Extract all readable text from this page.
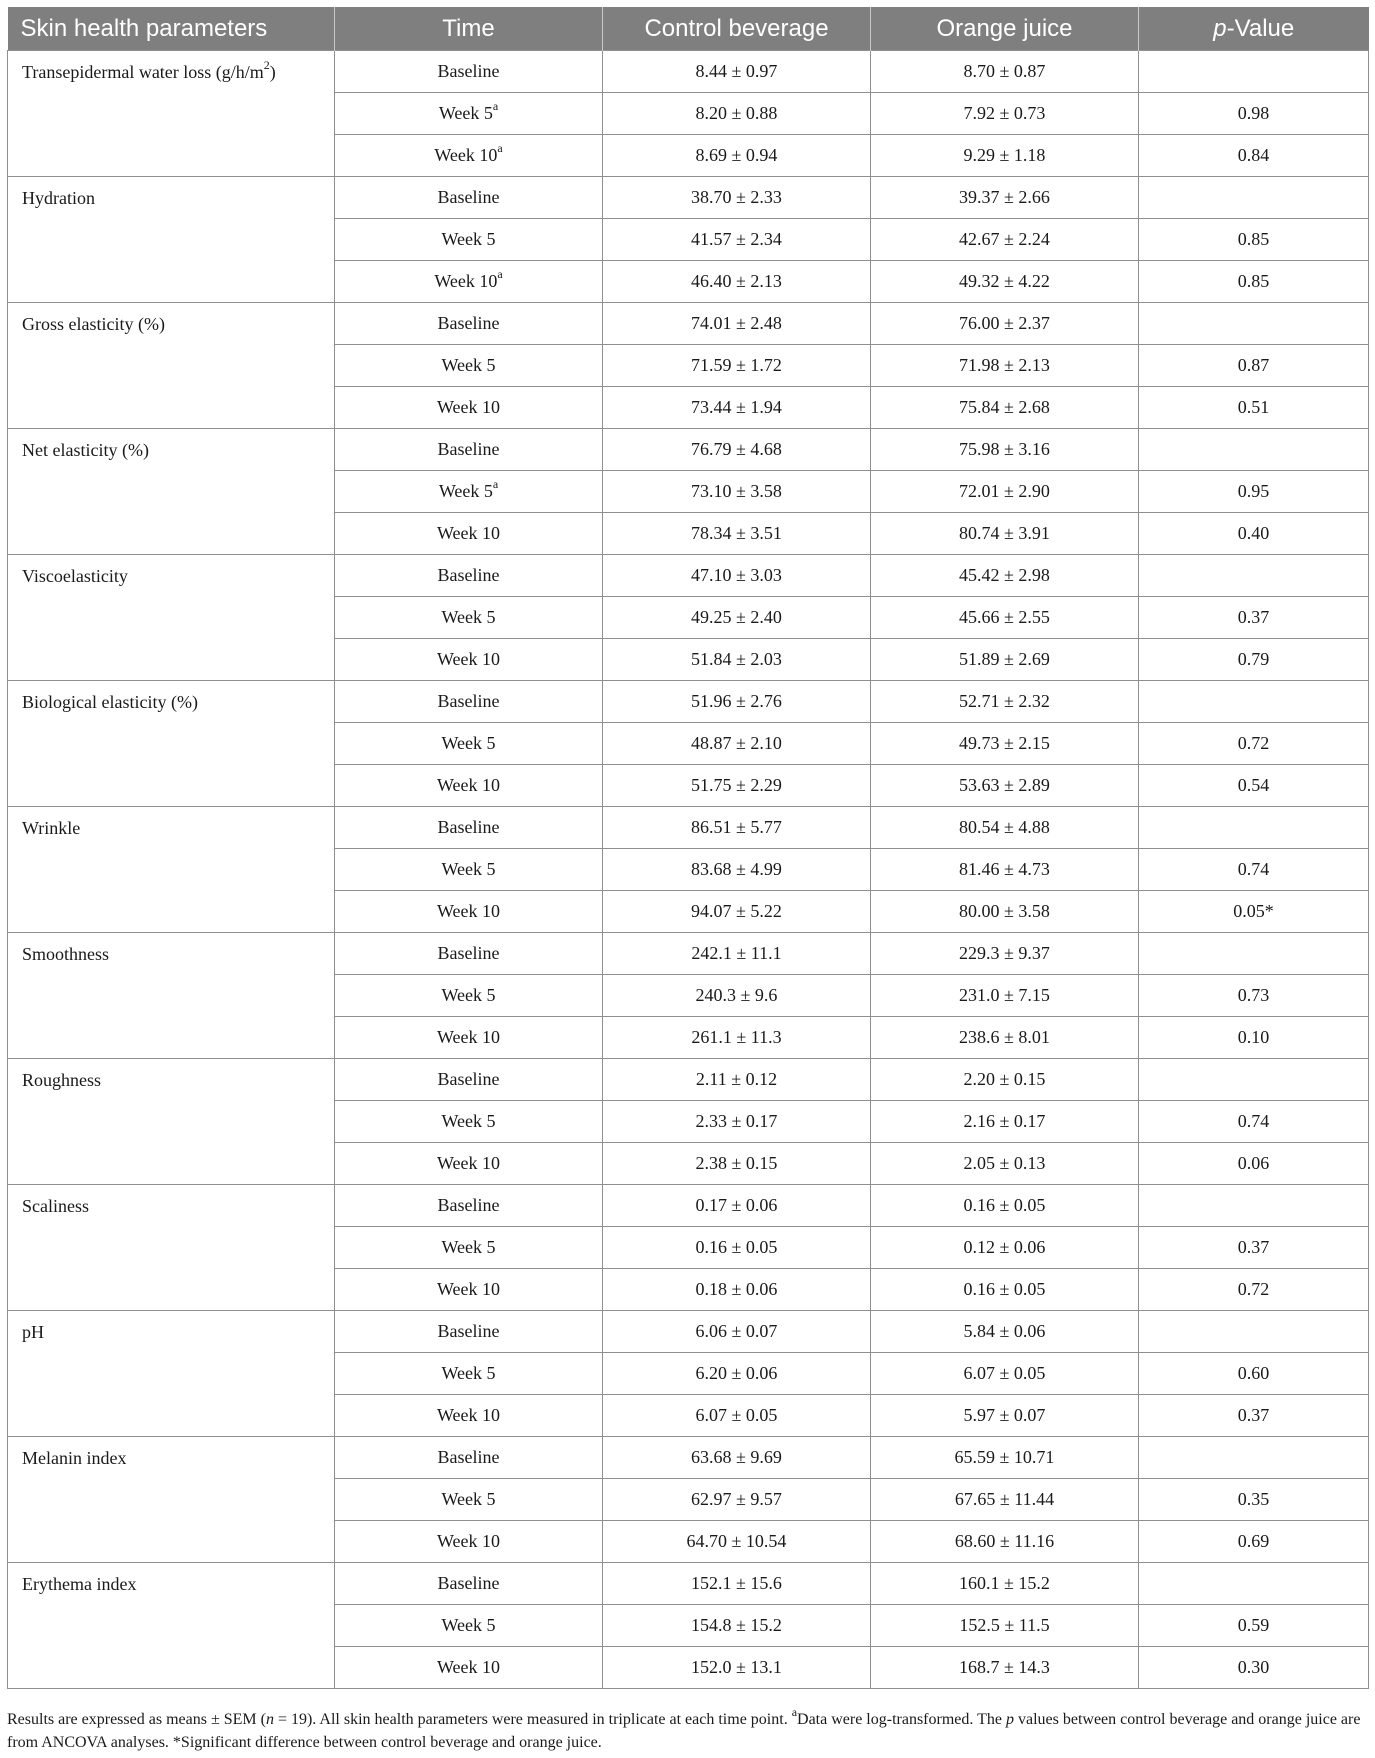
Skin health parameters	Time	Control beverage	Orange juice	p-Value
Transepidermal water loss $(g/h/m^2)$	Baseline	8.44 ± 0.97	8.70 ± 0.87	
	Week 5$^a$	8.20 ± 0.88	7.92 ± 0.73	0.98
	Week 10$^a$	8.69 ± 0.94	9.29 ± 1.18	0.84
Hydration	Baseline	38.70 ± 2.33	39.37 ± 2.66	
	Week 5	41.57 ± 2.34	42.67 ± 2.24	0.85
	Week 10$^a$	46.40 ± 2.13	49.32 ± 4.22	0.85
Gross elasticity (%)	Baseline	74.01 ± 2.48	76.00 ± 2.37	
	Week 5	71.59 ± 1.72	71.98 ± 2.13	0.87
	Week 10	73.44 ± 1.94	75.84 ± 2.68	0.51
Net elasticity (%)	Baseline	76.79 ± 4.68	75.98 ± 3.16	
	Week 5$^a$	73.10 ± 3.58	72.01 ± 2.90	0.95
	Week 10	78.34 ± 3.51	80.74 ± 3.91	0.40
Viscoelasticity	Baseline	47.10 ± 3.03	45.42 ± 2.98	
	Week 5	49.25 ± 2.40	45.66 ± 2.55	0.37
	Week 10	51.84 ± 2.03	51.89 ± 2.69	0.79
Biological elasticity (%)	Baseline	51.96 ± 2.76	52.71 ± 2.32	
	Week 5	48.87 ± 2.10	49.73 ± 2.15	0.72
	Week 10	51.75 ± 2.29	53.63 ± 2.89	0.54
Wrinkle	Baseline	86.51 ± 5.77	80.54 ± 4.88	
	Week 5	83.68 ± 4.99	81.46 ± 4.73	0.74
	Week 10	94.07 ± 5.22	80.00 ± 3.58	0.05*
Smoothness	Baseline	242.1 ± 11.1	229.3 ± 9.37	
	Week 5	240.3 ± 9.6	231.0 ± 7.15	0.73
	Week 10	261.1 ± 11.3	238.6 ± 8.01	0.10
Roughness	Baseline	2.11 ± 0.12	2.20 ± 0.15	
	Week 5	2.33 ± 0.17	2.16 ± 0.17	0.74
	Week 10	2.38 ± 0.15	2.05 ± 0.13	0.06
Scaliness	Baseline	0.17 ± 0.06	0.16 ± 0.05	
	Week 5	0.16 ± 0.05	0.12 ± 0.06	0.37
	Week 10	0.18 ± 0.06	0.16 ± 0.05	0.72
pH	Baseline	6.06 ± 0.07	5.84 ± 0.06	
	Week 5	6.20 ± 0.06	6.07 ± 0.05	0.60
	Week 10	6.07 ± 0.05	5.97 ± 0.07	0.37
Melanin index	Baseline	63.68 ± 9.69	65.59 ± 10.71	
	Week 5	62.97 ± 9.57	67.65 ± 11.44	0.35
	Week 10	64.70 ± 10.54	68.60 ± 11.16	0.69
Erythema index	Baseline	152.1 ± 15.6	160.1 ± 15.2	
	Week 5	154.8 ± 15.2	152.5 ± 11.5	0.59
	Week 10	152.0 ± 13.1	168.7 ± 14.3	0.30
Results are expressed as means ± SEM (n = 19). All skin health parameters were measured in triplicate at each time point. $^a$Data were log-transformed. The p values between control beverage and orange juice are from ANCOVA analyses. *Significant difference between control beverage and orange juice.
